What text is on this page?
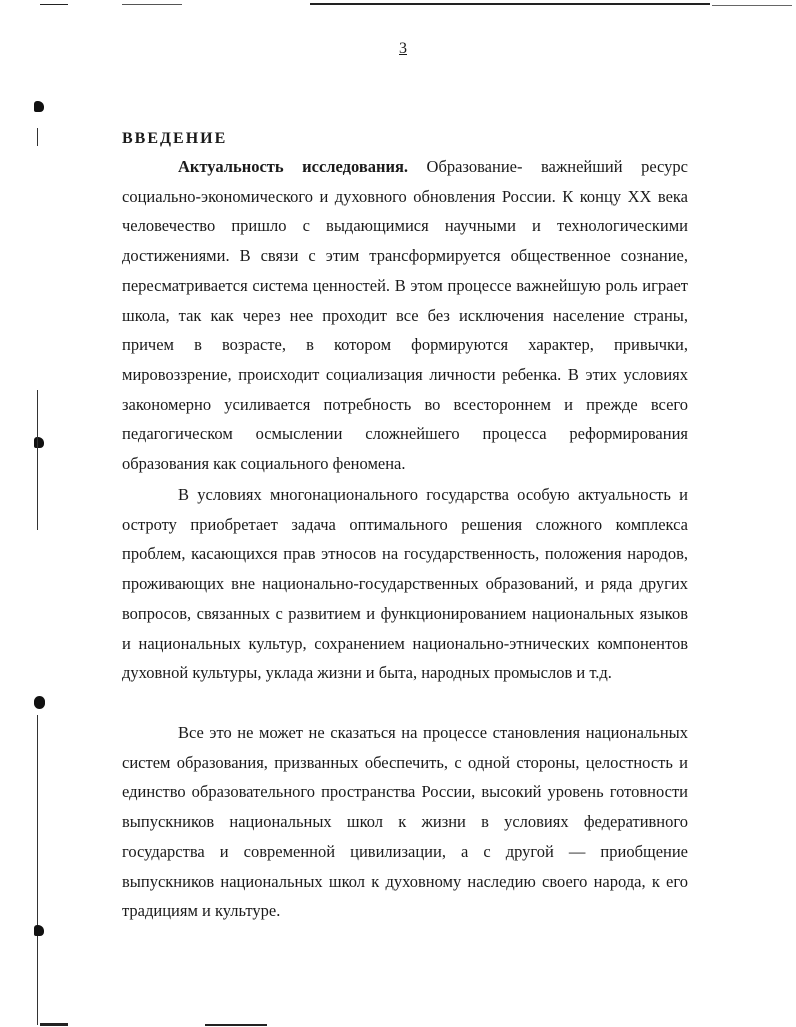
3
ВВЕДЕНИЕ

Актуальность исследования. Образование- важнейший ресурс социально-экономического и духовного обновления России. К концу XX века человечество пришло с выдающимися научными и технологическими достижениями. В связи с этим трансформируется общественное сознание, пересматривается система ценностей. В этом процессе важнейшую роль играет школа, так как через нее проходит все без исключения население страны, причем в возрасте, в котором формируются характер, привычки, мировоззрение, происходит социализация личности ребенка. В этих условиях закономерно усиливается потребность во всестороннем и прежде всего педагогическом осмыслении сложнейшего процесса реформирования образования как социального феномена.

В условиях многонационального государства особую актуальность и остроту приобретает задача оптимального решения сложного комплекса проблем, касающихся прав этносов на государственность, положения народов, проживающих вне национально-государственных образований, и ряда других вопросов, связанных с развитием и функционированием национальных языков и национальных культур, сохранением национально-этнических компонентов духовной культуры, уклада жизни и быта, народных промыслов и т.д.

Все это не может не сказаться на процессе становления национальных систем образования, призванных обеспечить, с одной стороны, целостность и единство образовательного пространства России, высокий уровень готовности выпускников национальных школ к жизни в условиях федеративного государства и современной цивилизации, а с другой — приобщение выпускников национальных школ к духовному наследию своего народа, к его традициям и культуре.
